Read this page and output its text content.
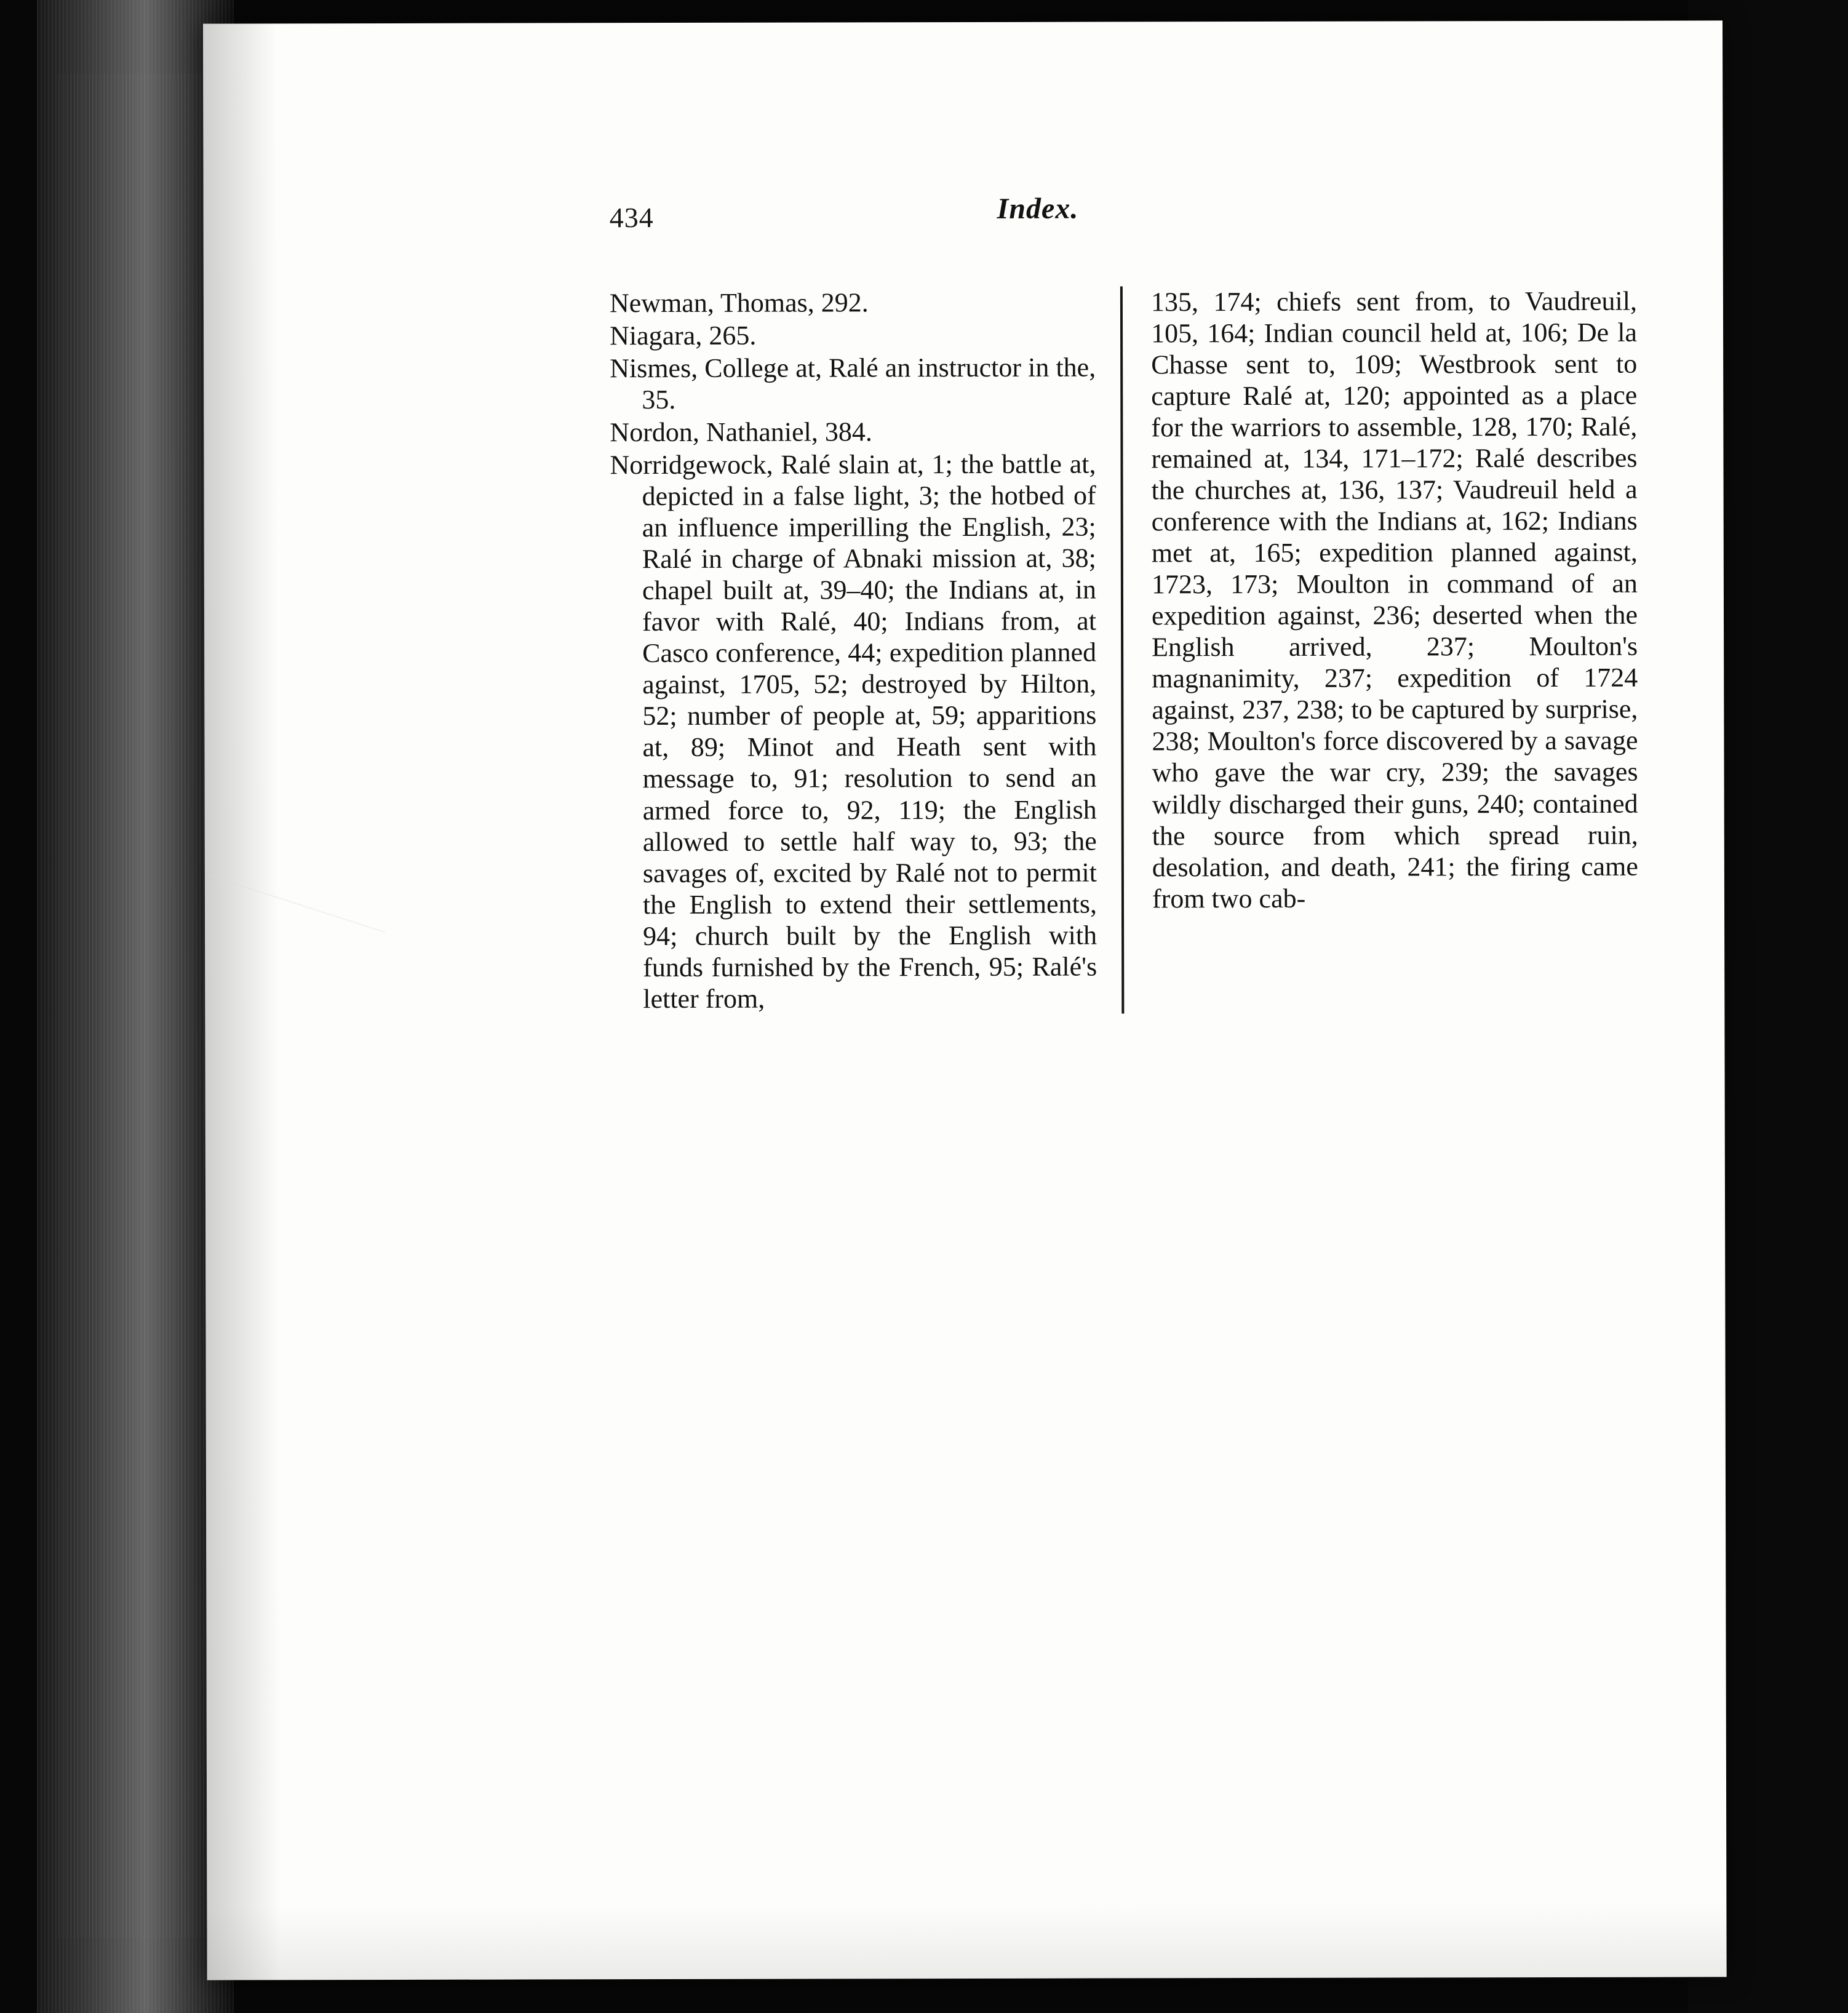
434	Index.

Newman, Thomas, 292.

Niagara, 265.

Nismes, College at, Ralé an instructor in the, 35.

Nordon, Nathaniel, 384.

Norridgewock, Ralé slain at, 1; the battle at, depicted in a false light, 3; the hotbed of an influence imperilling the English, 23; Ralé in charge of Abnaki mission at, 38; chapel built at, 39–40; the Indians at, in favor with Ralé, 40; Indians from, at Casco conference, 44; expedition planned against, 1705, 52; destroyed by Hilton, 52; number of people at, 59; apparitions at, 89; Minot and Heath sent with message to, 91; resolution to send an armed force to, 92, 119; the English allowed to settle half way to, 93; the savages of, excited by Ralé not to permit the English to extend their settlements, 94; church built by the English with funds furnished by the French, 95; Ralé's letter from,

135, 174; chiefs sent from, to Vaudreuil, 105, 164; Indian council held at, 106; De la Chasse sent to, 109; Westbrook sent to capture Ralé at, 120; appointed as a place for the warriors to assemble, 128, 170; Ralé, remained at, 134, 171–172; Ralé describes the churches at, 136, 137; Vaudreuil held a conference with the Indians at, 162; Indians met at, 165; expedition planned against, 1723, 173; Moulton in command of an expedition against, 236; deserted when the English arrived, 237; Moulton's magnanimity, 237; expedition of 1724 against, 237, 238; to be captured by surprise, 238; Moulton's force discovered by a savage who gave the war cry, 239; the savages wildly discharged their guns, 240; contained the source from which spread ruin, desolation, and death, 241; the firing came from two cab-
